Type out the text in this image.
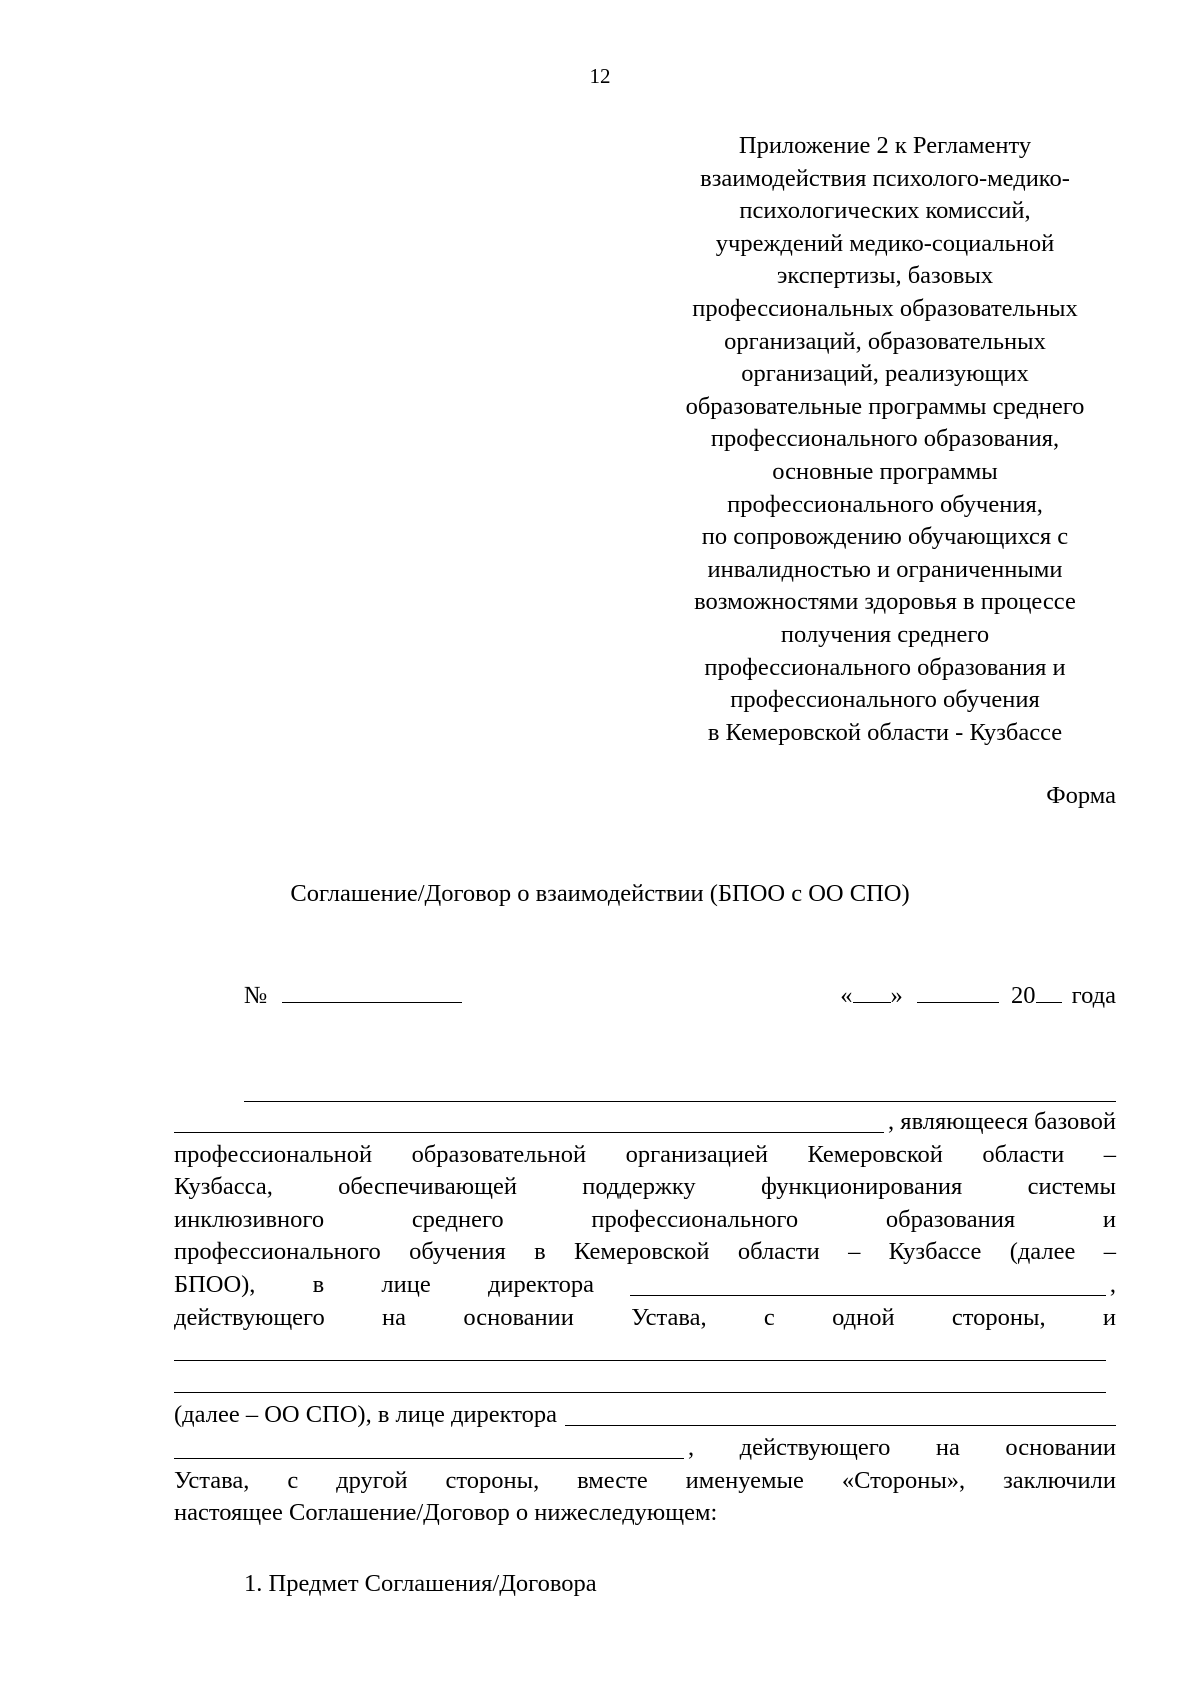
12
Приложение 2 к Регламенту
взаимодействия психолого-медико-
психологических комиссий,
учреждений медико-социальной
экспертизы, базовых
профессиональных образовательных
организаций, образовательных
организаций, реализующих
образовательные программы среднего
профессионального образования,
основные программы
профессионального обучения,
по сопровождению обучающихся с
инвалидностью и ограниченными
возможностями здоровья в процессе
получения среднего
профессионального образования и
профессионального обучения
в Кемеровской области - Кузбассе
Форма
Соглашение/Договор о взаимодействии (БПОО с ОО СПО)
№	« »	20 года
, являющееся базовой
профессиональной образовательной организацией Кемеровской области –
Кузбасса,	обеспечивающей	поддержку	функционирования	системы
инклюзивного	среднего	профессионального	образования	и
профессионального обучения в Кемеровской области – Кузбассе (далее –
БПОО), в лице директора	,
действующего на основании Устава, с одной стороны, и
(далее – ОО СПО), в лице директора
, действующего на основании
Устава, с другой стороны, вместе именуемые «Стороны», заключили
настоящее Соглашение/Договор о нижеследующем:
1. Предмет Соглашения/Договора
